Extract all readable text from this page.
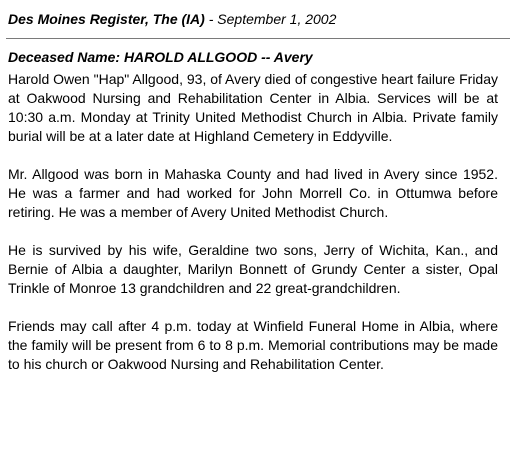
Des Moines Register, The (IA) - September 1, 2002
Deceased Name: HAROLD ALLGOOD -- Avery

Harold Owen "Hap" Allgood, 93, of Avery died of congestive heart failure Friday at Oakwood Nursing and Rehabilitation Center in Albia. Services will be at 10:30 a.m. Monday at Trinity United Methodist Church in Albia. Private family burial will be at a later date at Highland Cemetery in Eddyville.

Mr. Allgood was born in Mahaska County and had lived in Avery since 1952. He was a farmer and had worked for John Morrell Co. in Ottumwa before retiring. He was a member of Avery United Methodist Church.

He is survived by his wife, Geraldine two sons, Jerry of Wichita, Kan., and Bernie of Albia a daughter, Marilyn Bonnett of Grundy Center a sister, Opal Trinkle of Monroe 13 grandchildren and 22 great-grandchildren.

Friends may call after 4 p.m. today at Winfield Funeral Home in Albia, where the family will be present from 6 to 8 p.m. Memorial contributions may be made to his church or Oakwood Nursing and Rehabilitation Center.
